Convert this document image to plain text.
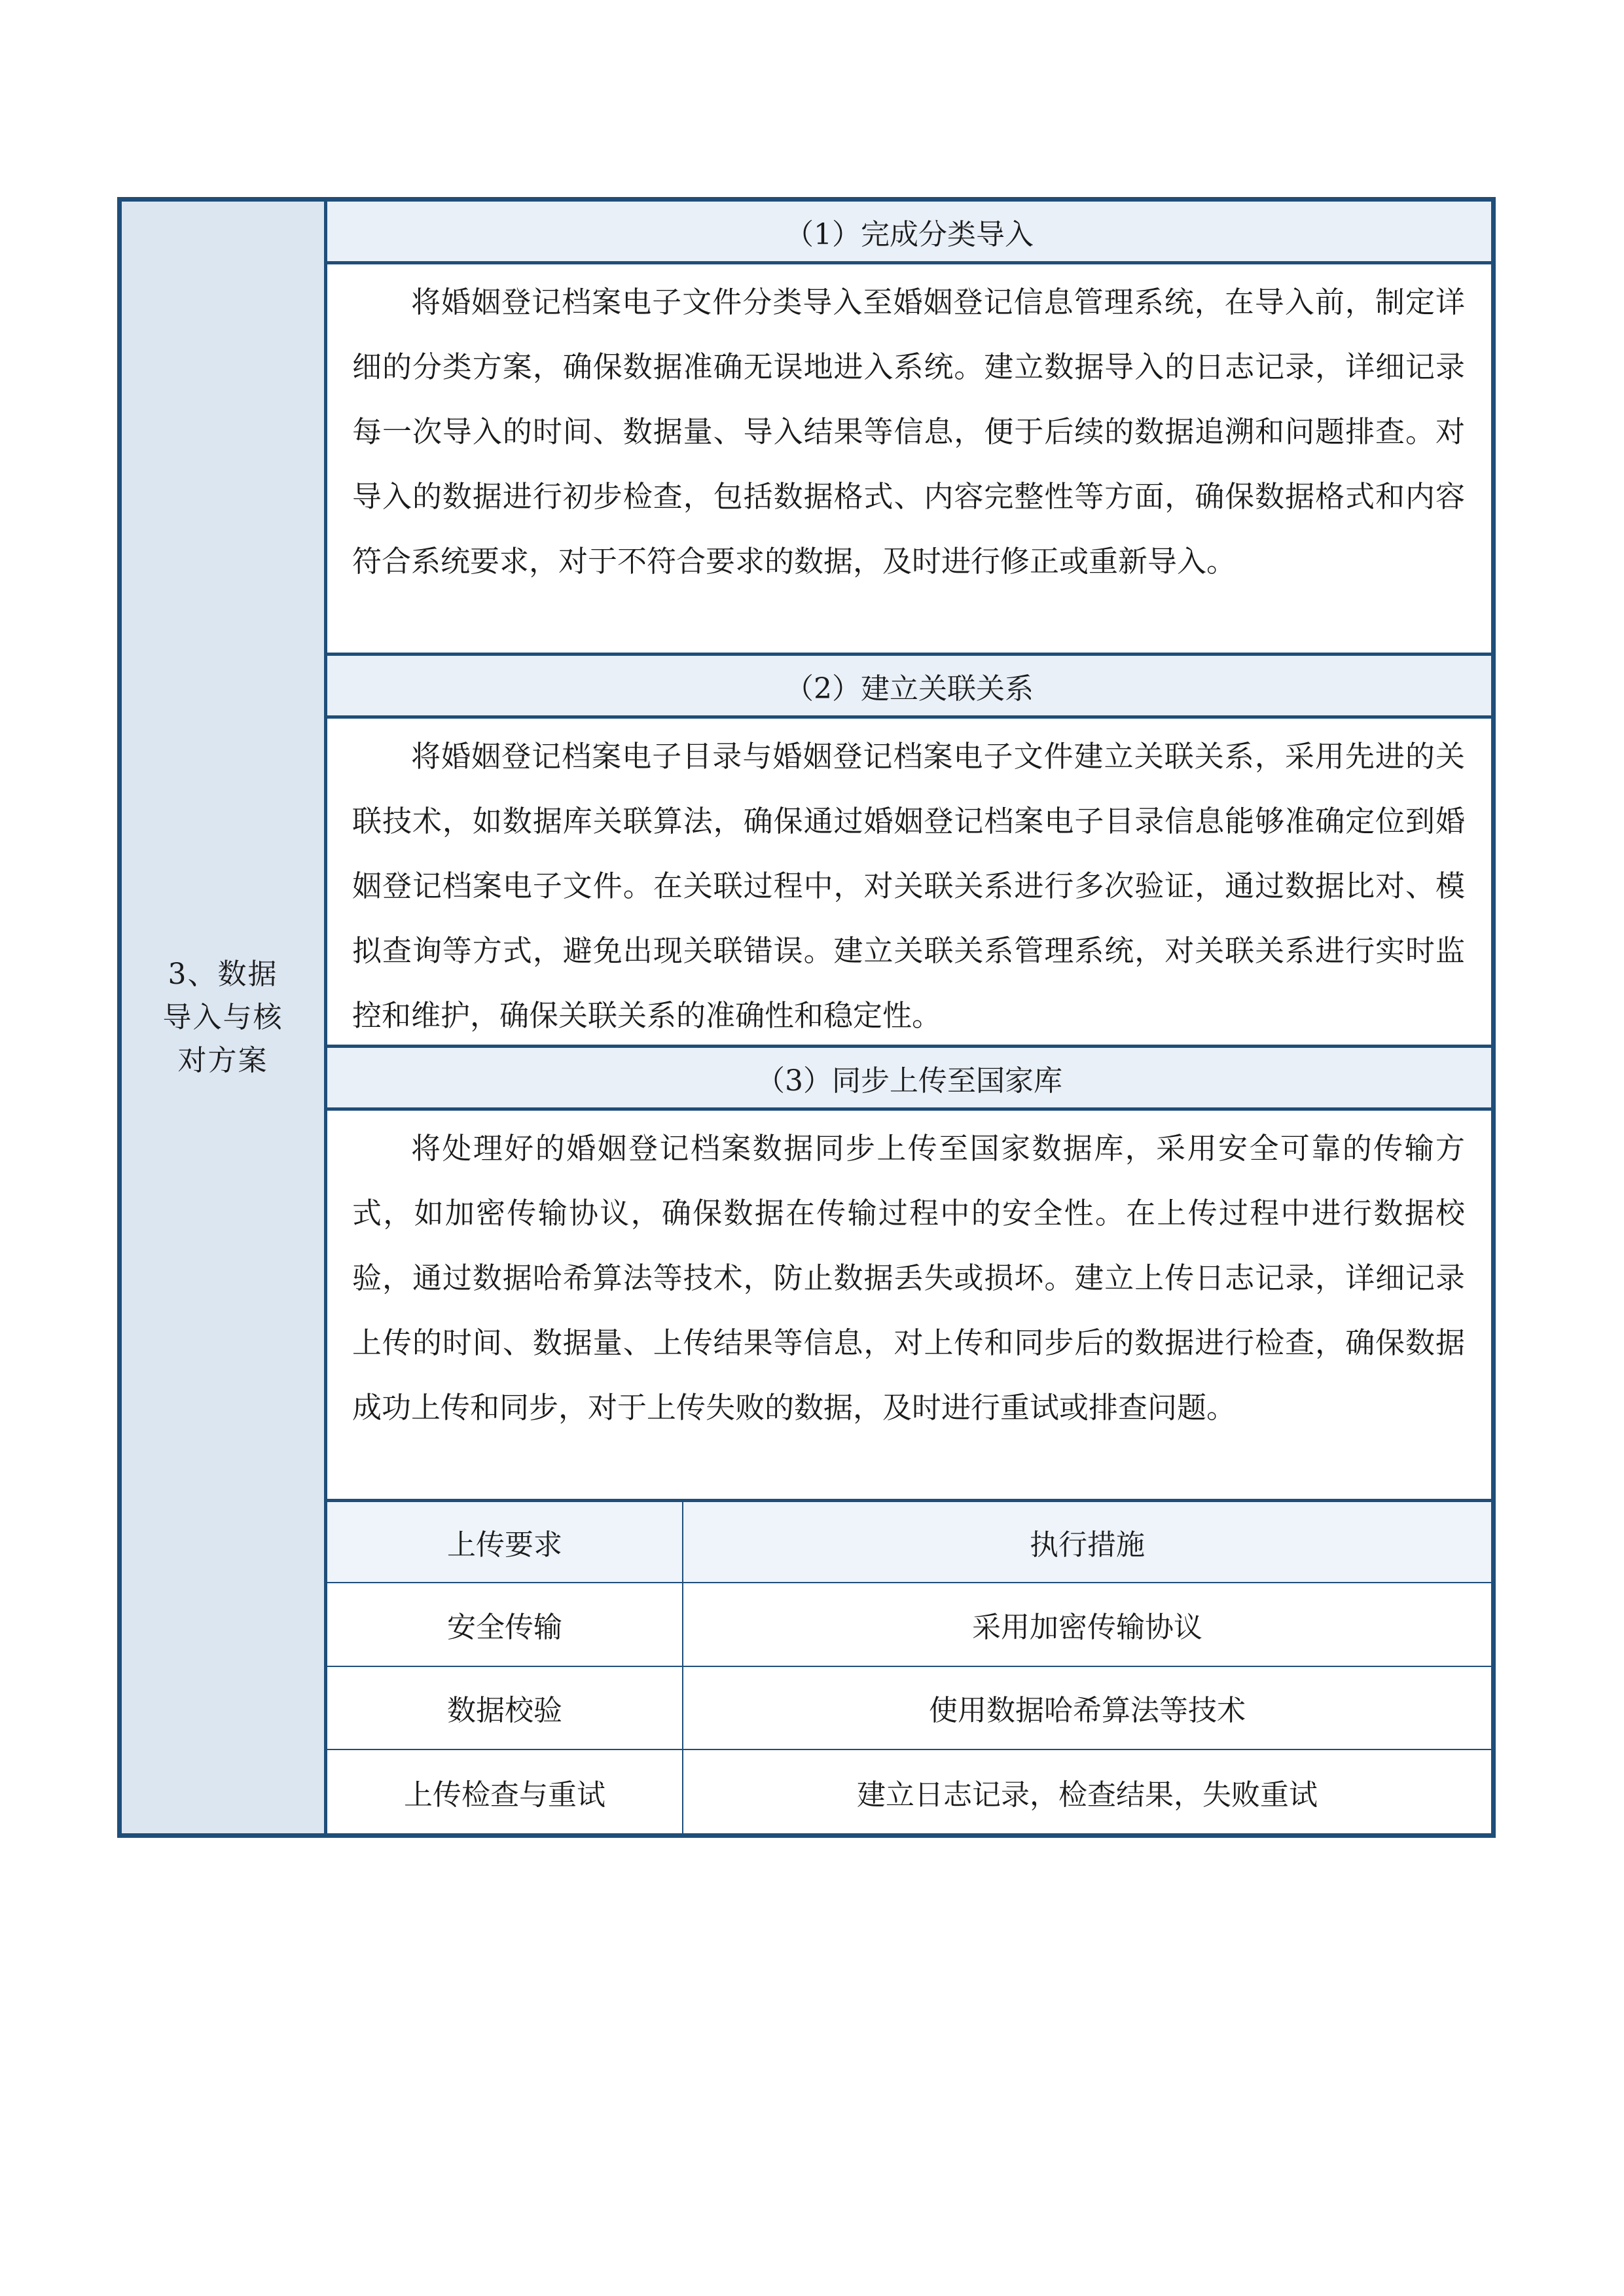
3、数据导入与核对方案
（1）完成分类导入
将婚姻登记档案电子文件分类导入至婚姻登记信息管理系统，在导入前，制定详细的分类方案，确保数据准确无误地进入系统。建立数据导入的日志记录，详细记录每一次导入的时间、数据量、导入结果等信息，便于后续的数据追溯和问题排查。对导入的数据进行初步检查，包括数据格式、内容完整性等方面，确保数据格式和内容符合系统要求，对于不符合要求的数据，及时进行修正或重新导入。
（2）建立关联关系
将婚姻登记档案电子目录与婚姻登记档案电子文件建立关联关系，采用先进的关联技术，如数据库关联算法，确保通过婚姻登记档案电子目录信息能够准确定位到婚姻登记档案电子文件。在关联过程中，对关联关系进行多次验证，通过数据比对、模拟查询等方式，避免出现关联错误。建立关联关系管理系统，对关联关系进行实时监控和维护，确保关联关系的准确性和稳定性。
（3）同步上传至国家库
将处理好的婚姻登记档案数据同步上传至国家数据库，采用安全可靠的传输方式，如加密传输协议，确保数据在传输过程中的安全性。在上传过程中进行数据校验，通过数据哈希算法等技术，防止数据丢失或损坏。建立上传日志记录，详细记录上传的时间、数据量、上传结果等信息，对上传和同步后的数据进行检查，确保数据成功上传和同步，对于上传失败的数据，及时进行重试或排查问题。
上传要求	执行措施
安全传输	采用加密传输协议
数据校验	使用数据哈希算法等技术
上传检查与重试	建立日志记录，检查结果，失败重试
